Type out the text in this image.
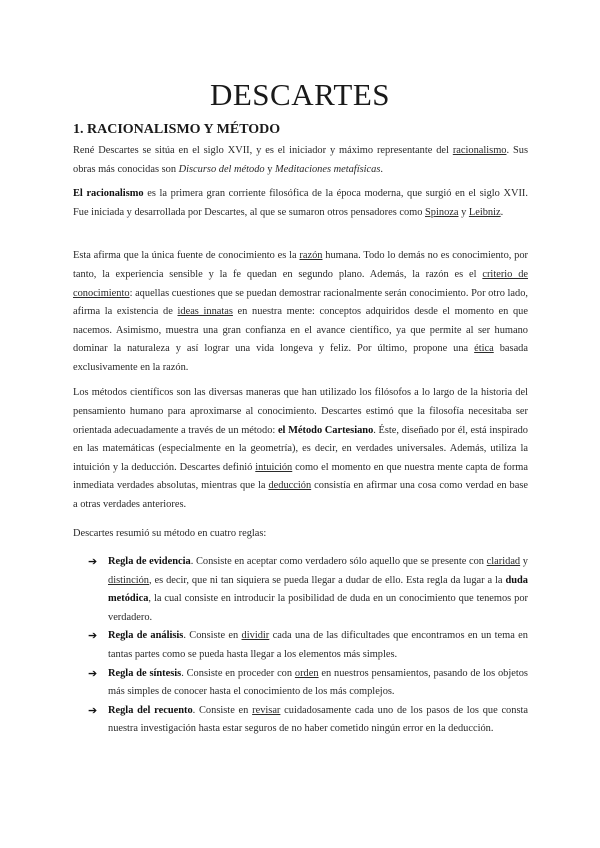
DESCARTES
1. RACIONALISMO Y MÉTODO

René Descartes se sitúa en el siglo XVII, y es el iniciador y máximo representante del racionalismo. Sus obras más conocidas son Discurso del método y Meditaciones metafísicas.

El racionalismo es la primera gran corriente filosófica de la época moderna, que surgió en el siglo XVII. Fue iniciada y desarrollada por Descartes, al que se sumaron otros pensadores como Spinoza y Leibniz.

Esta afirma que la única fuente de conocimiento es la razón humana. Todo lo demás no es conocimiento, por tanto, la experiencia sensible y la fe quedan en segundo plano. Además, la razón es el criterio de conocimiento: aquellas cuestiones que se puedan demostrar racionalmente serán conocimiento. Por otro lado, afirma la existencia de ideas innatas en nuestra mente: conceptos adquiridos desde el momento en que nacemos. Asimismo, muestra una gran confianza en el avance científico, ya que permite al ser humano dominar la naturaleza y así lograr una vida longeva y feliz. Por último, propone una ética basada exclusivamente en la razón.

Los métodos científicos son las diversas maneras que han utilizado los filósofos a lo largo de la historia del pensamiento humano para aproximarse al conocimiento. Descartes estimó que la filosofía necesitaba ser orientada adecuadamente a través de un método: el Método Cartesiano. Éste, diseñado por él, está inspirado en las matemáticas (especialmente en la geometría), es decir, en verdades universales. Además, utiliza la intuición y la deducción. Descartes definió intuición como el momento en que nuestra mente capta de forma inmediata verdades absolutas, mientras que la deducción consistía en afirmar una cosa como verdad en base a otras verdades anteriores.

Descartes resumió su método en cuatro reglas:

➔ Regla de evidencia. Consiste en aceptar como verdadero sólo aquello que se presente con claridad y distinción, es decir, que ni tan siquiera se pueda llegar a dudar de ello. Esta regla da lugar a la duda metódica, la cual consiste en introducir la posibilidad de duda en un conocimiento que tenemos por verdadero.
➔ Regla de análisis. Consiste en dividir cada una de las dificultades que encontramos en un tema en tantas partes como se pueda hasta llegar a los elementos más simples.
➔ Regla de síntesis. Consiste en proceder con orden en nuestros pensamientos, pasando de los objetos más simples de conocer hasta el conocimiento de los más complejos.
➔ Regla del recuento. Consiste en revisar cuidadosamente cada uno de los pasos de los que consta nuestra investigación hasta estar seguros de no haber cometido ningún error en la deducción.
